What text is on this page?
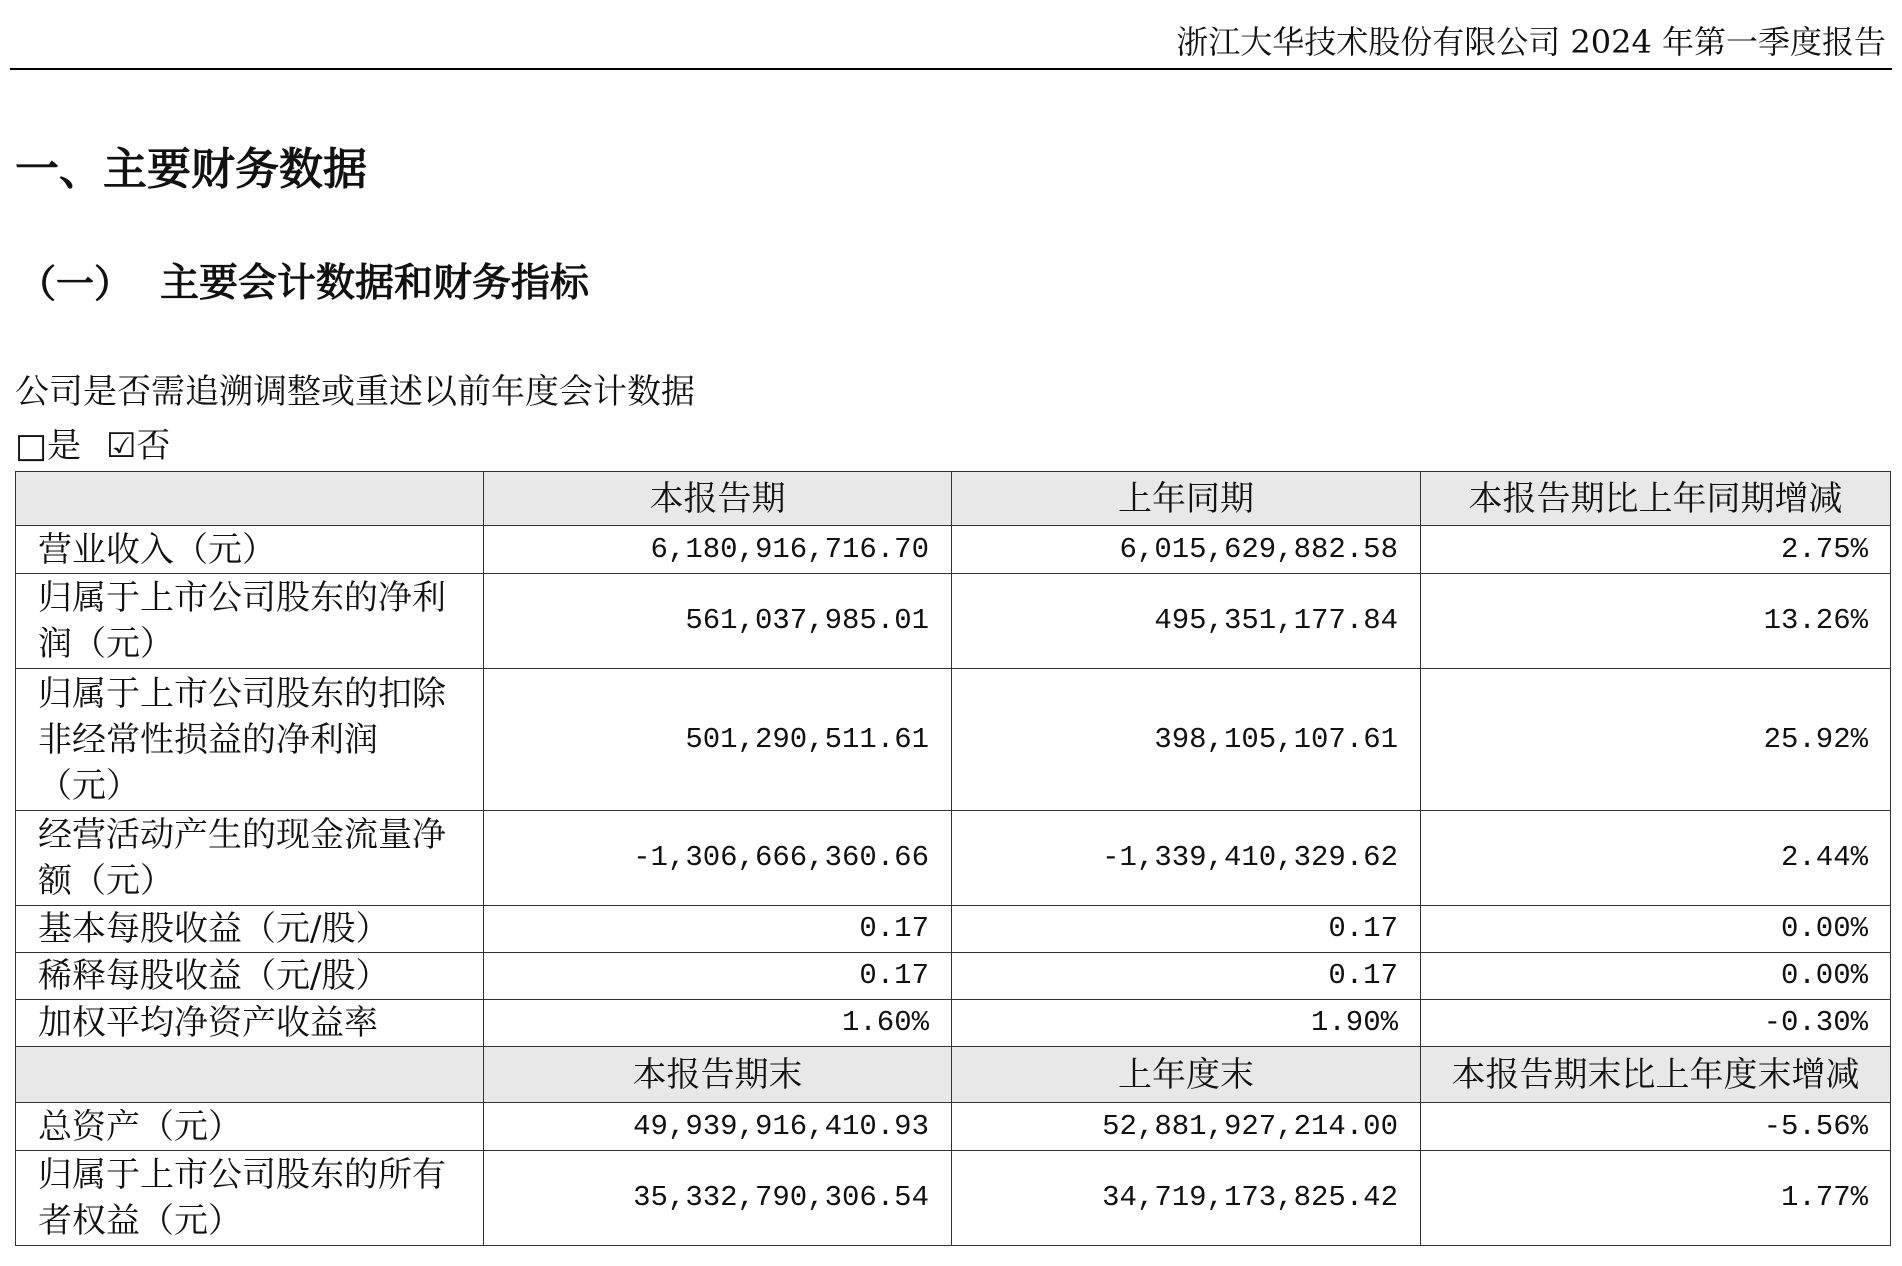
浙江大华技术股份有限公司 2024 年第一季度报告
一、主要财务数据
（一） 主要会计数据和财务指标
公司是否需追溯调整或重述以前年度会计数据
□是 ☑否
	本报告期	上年同期	本报告期比上年同期增减
营业收入（元）	6,180,916,716.70	6,015,629,882.58	2.75%
归属于上市公司股东的净利润（元）	561,037,985.01	495,351,177.84	13.26%
归属于上市公司股东的扣除非经常性损益的净利润（元）	501,290,511.61	398,105,107.61	25.92%
经营活动产生的现金流量净额（元）	-1,306,666,360.66	-1,339,410,329.62	2.44%
基本每股收益（元/股）	0.17	0.17	0.00%
稀释每股收益（元/股）	0.17	0.17	0.00%
加权平均净资产收益率	1.60%	1.90%	-0.30%
	本报告期末	上年度末	本报告期末比上年度末增减
总资产（元）	49,939,916,410.93	52,881,927,214.00	-5.56%
归属于上市公司股东的所有者权益（元）	35,332,790,306.54	34,719,173,825.42	1.77%
